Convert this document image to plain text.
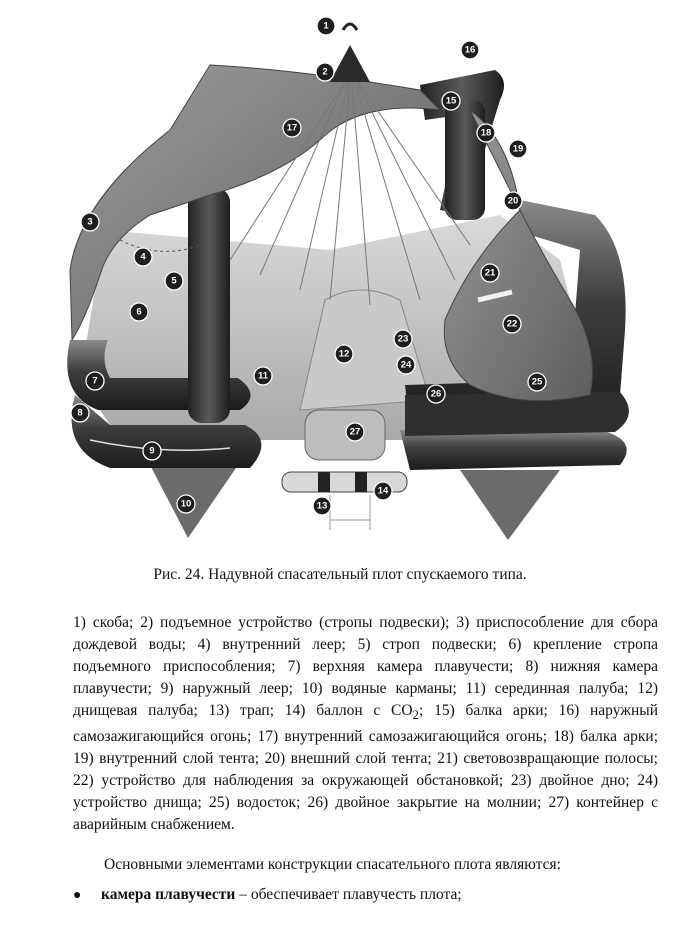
1
2
3
4
5
6
7
8
9
10
11
12
13
14
15
16
17	18
19
20
21
22
23
24
25
26
27

Рис. 24. Надувной спасательный плот спускаемого типа.

1) скоба; 2) подъемное устройство (стропы подвески); 3) приспособление для сбора дождевой воды; 4) внутренний леер; 5) строп подвески; 6) крепление стропа подъемного приспособления; 7) верхняя камера плавучести; 8) нижняя камера плавучести; 9) наружный леер; 10) водяные карманы; 11) серединная палуба; 12) днищевая палуба; 13) трап; 14) баллон с $СО_2$; 15) балка арки; 16) наружный самозажигающийся огонь; 17) внутренний самозажигающийся огонь; 18) балка арки; 19) внутренний слой тента; 20) внешний слой тента; 21) световозвращающие полосы; 22) устройство для наблюдения за окружающей обстановкой; 23) двойное дно; 24) устройство днища; 25) водосток; 26) двойное закрытие на молнии; 27) контейнер с аварийным снабжением.

Основными элементами конструкции спасательного плота являются:

● камера плавучести – обеспечивает плавучесть плота;
